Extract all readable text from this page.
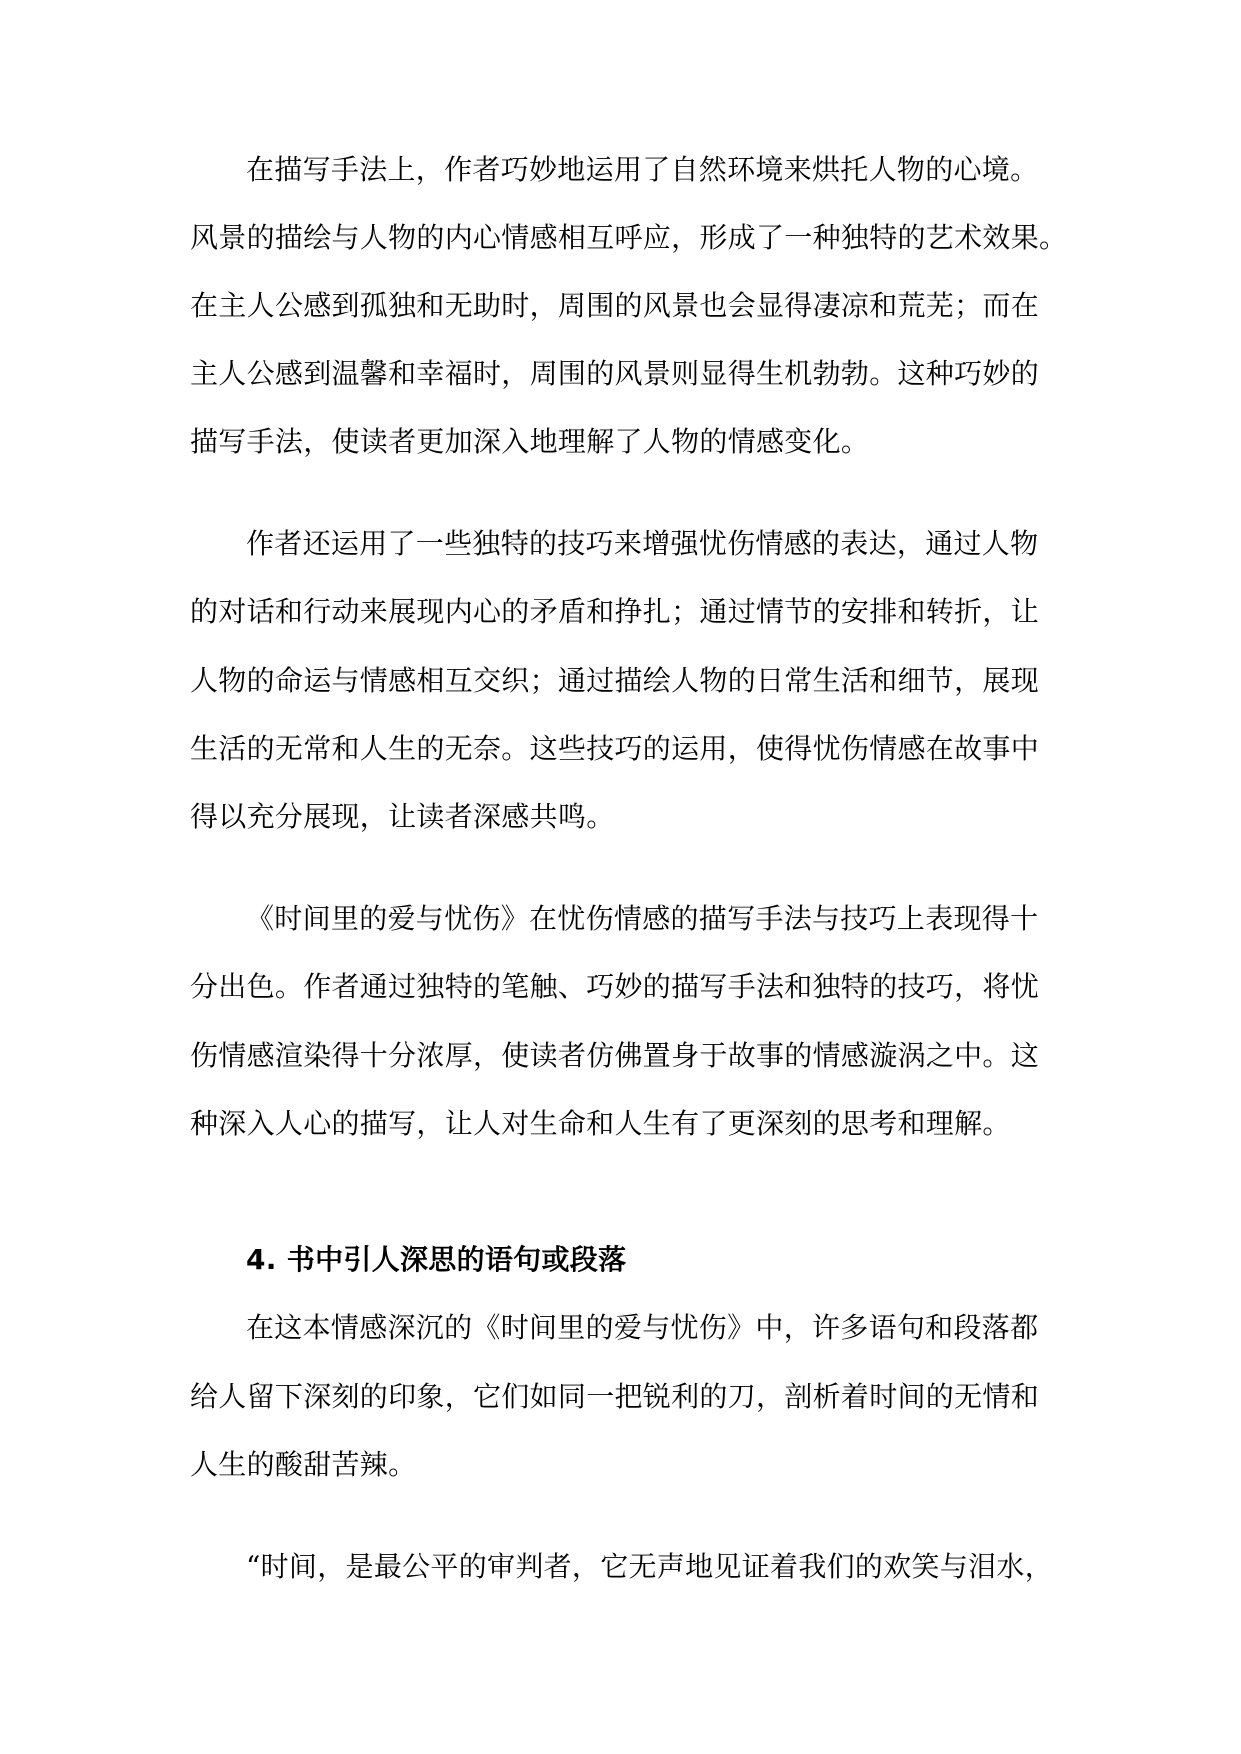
在描写手法上，作者巧妙地运用了自然环境来烘托人物的心境。
风景的描绘与人物的内心情感相互呼应，形成了一种独特的艺术效果。
在主人公感到孤独和无助时，周围的风景也会显得凄凉和荒芜；而在
主人公感到温馨和幸福时，周围的风景则显得生机勃勃。这种巧妙的
描写手法，使读者更加深入地理解了人物的情感变化。
作者还运用了一些独特的技巧来增强忧伤情感的表达，通过人物
的对话和行动来展现内心的矛盾和挣扎；通过情节的安排和转折，让
人物的命运与情感相互交织；通过描绘人物的日常生活和细节，展现
生活的无常和人生的无奈。这些技巧的运用，使得忧伤情感在故事中
得以充分展现，让读者深感共鸣。
《时间里的爱与忧伤》在忧伤情感的描写手法与技巧上表现得十
分出色。作者通过独特的笔触、巧妙的描写手法和独特的技巧，将忧
伤情感渲染得十分浓厚，使读者仿佛置身于故事的情感漩涡之中。这
种深入人心的描写，让人对生命和人生有了更深刻的思考和理解。
4. 书中引人深思的语句或段落
在这本情感深沉的《时间里的爱与忧伤》中，许多语句和段落都
给人留下深刻的印象，它们如同一把锐利的刀，剖析着时间的无情和
人生的酸甜苦辣。
“时间，是最公平的审判者，它无声地见证着我们的欢笑与泪水，
